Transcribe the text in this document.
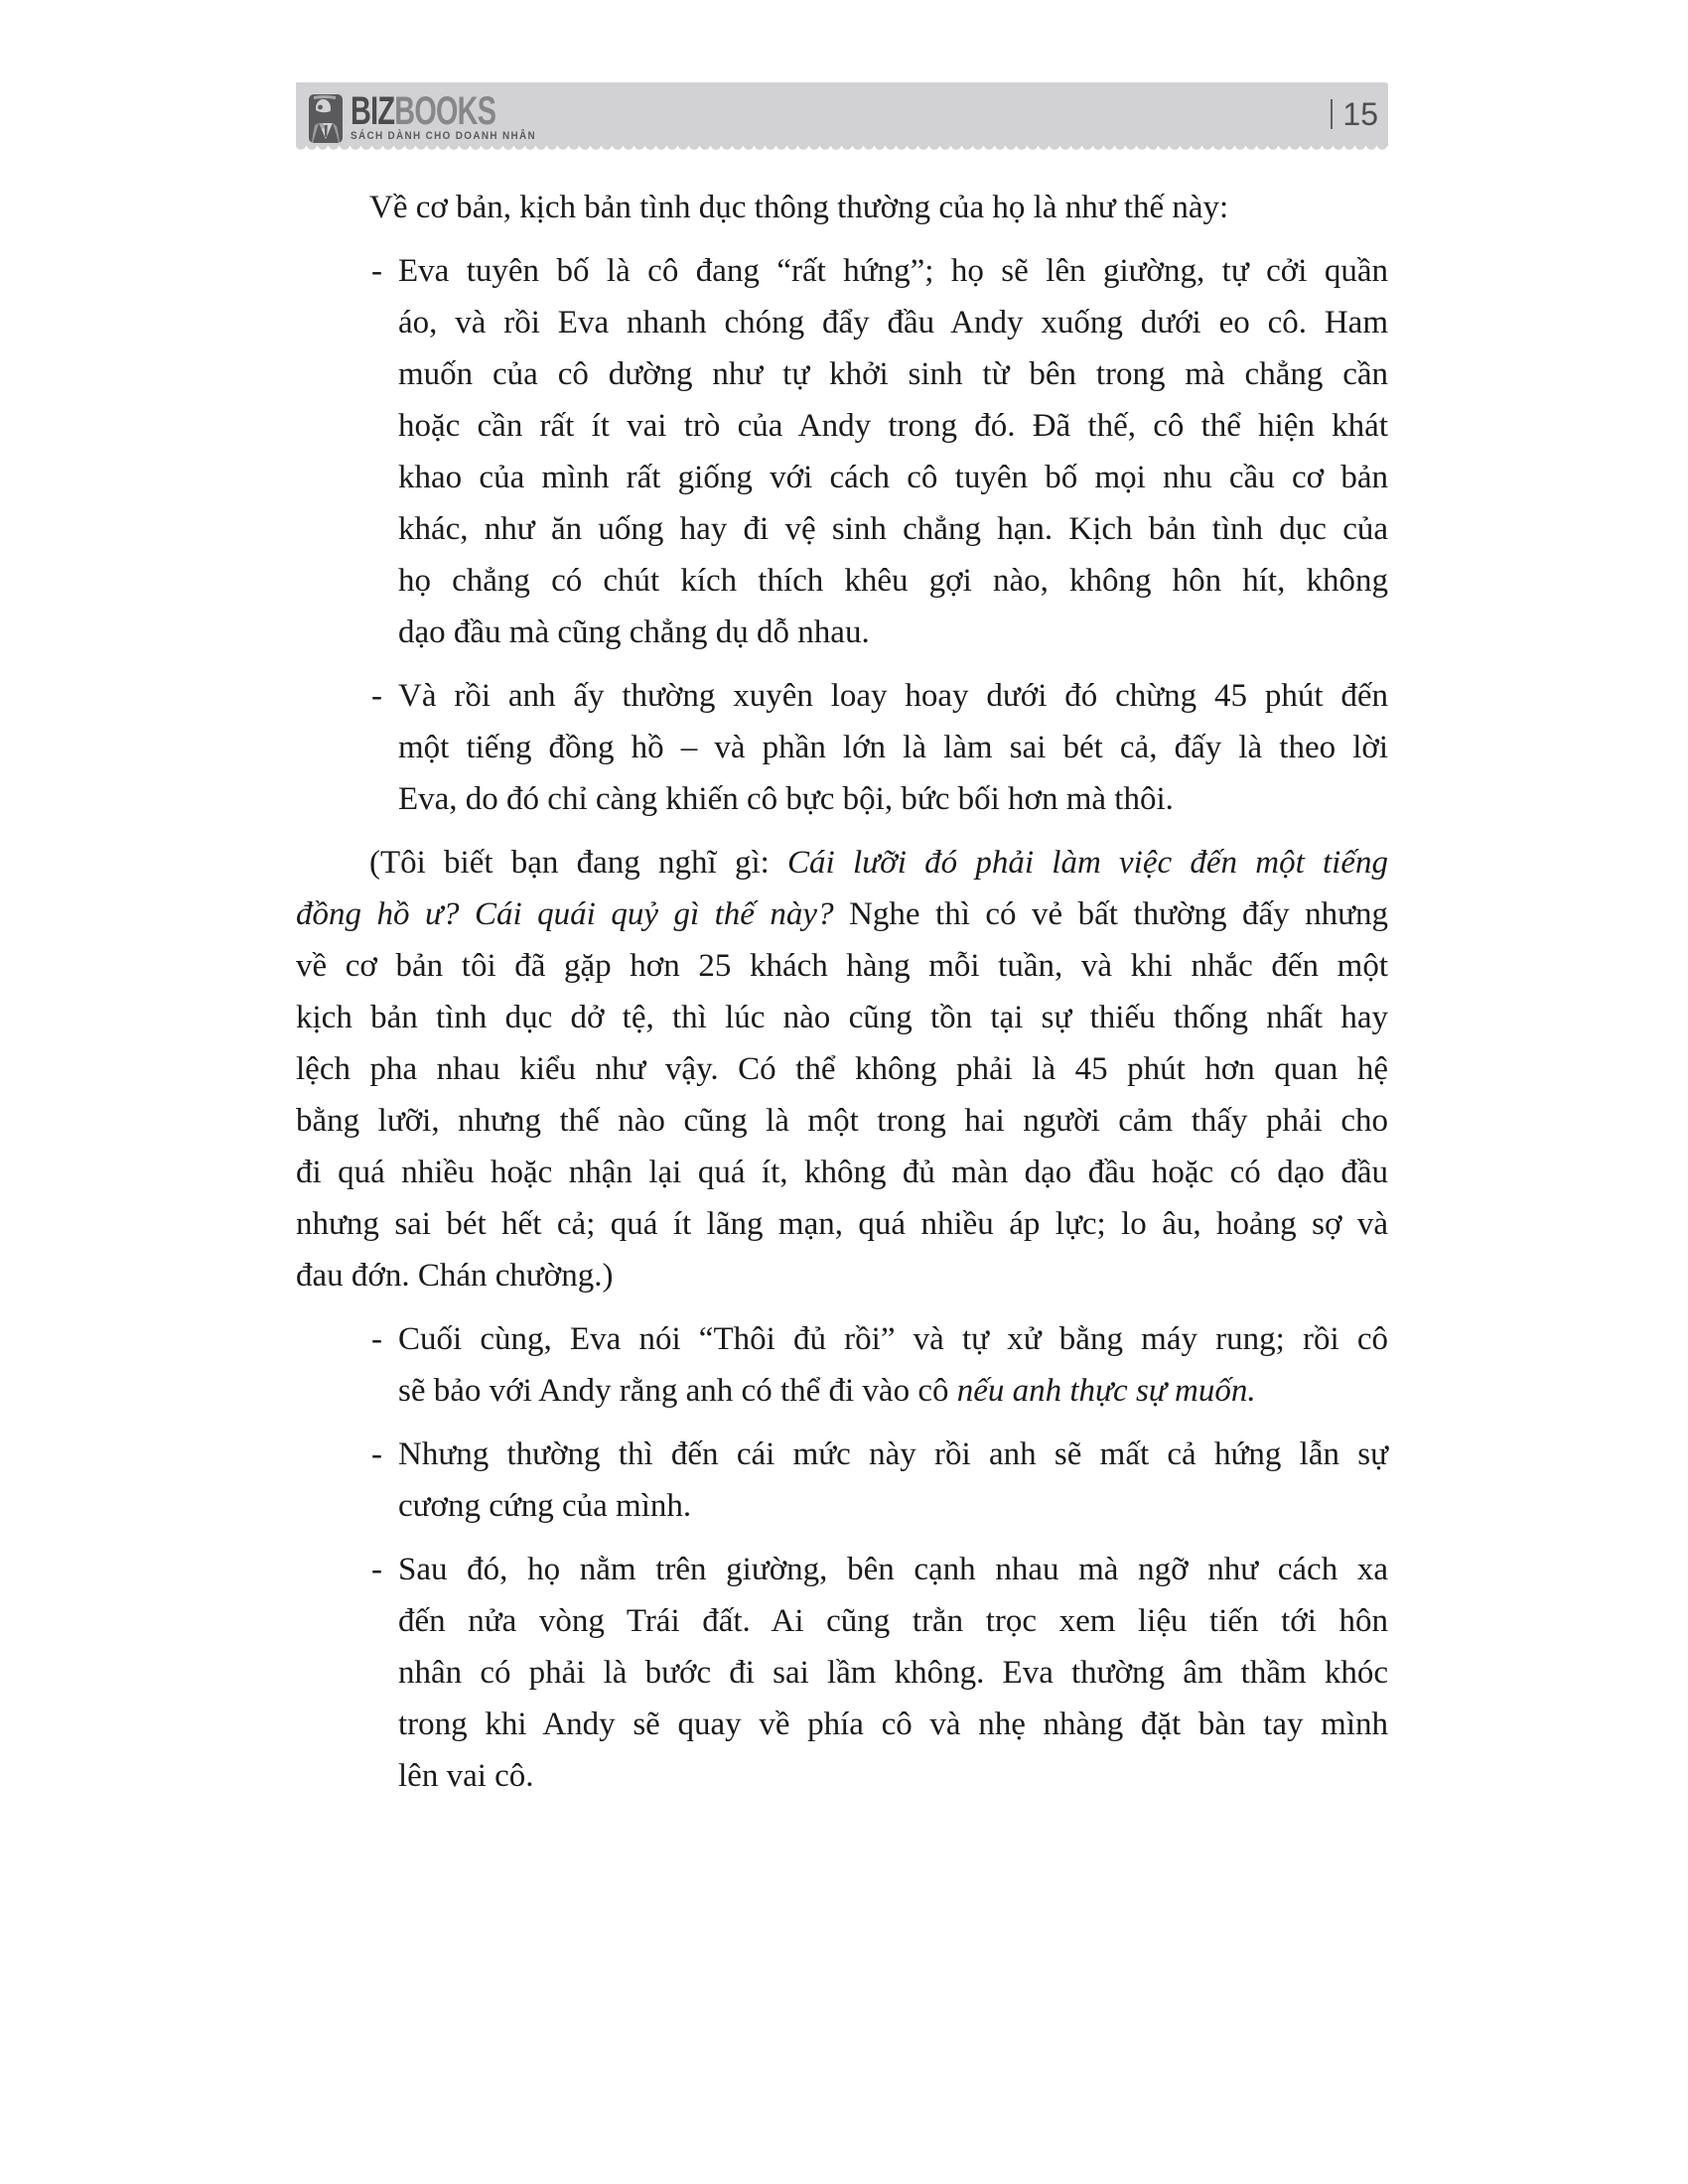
BIZBOOKS
SÁCH DÀNH CHO DOANH NHÂN
15
Về cơ bản, kịch bản tình dục thông thường của họ là như thế này:
- Eva tuyên bố là cô đang “rất hứng”; họ sẽ lên giường, tự cởi quần
áo, và rồi Eva nhanh chóng đẩy đầu Andy xuống dưới eo cô. Ham
muốn của cô dường như tự khởi sinh từ bên trong mà chẳng cần
hoặc cần rất ít vai trò của Andy trong đó. Đã thế, cô thể hiện khát
khao của mình rất giống với cách cô tuyên bố mọi nhu cầu cơ bản
khác, như ăn uống hay đi vệ sinh chẳng hạn. Kịch bản tình dục của
họ chẳng có chút kích thích khêu gợi nào, không hôn hít, không
dạo đầu mà cũng chẳng dụ dỗ nhau.
- Và rồi anh ấy thường xuyên loay hoay dưới đó chừng 45 phút đến
một tiếng đồng hồ – và phần lớn là làm sai bét cả, đấy là theo lời
Eva, do đó chỉ càng khiến cô bực bội, bức bối hơn mà thôi.
(Tôi biết bạn đang nghĩ gì: Cái lưỡi đó phải làm việc đến một tiếng
đồng hồ ư? Cái quái quỷ gì thế này? Nghe thì có vẻ bất thường đấy nhưng
về cơ bản tôi đã gặp hơn 25 khách hàng mỗi tuần, và khi nhắc đến một
kịch bản tình dục dở tệ, thì lúc nào cũng tồn tại sự thiếu thống nhất hay
lệch pha nhau kiểu như vậy. Có thể không phải là 45 phút hơn quan hệ
bằng lưỡi, nhưng thế nào cũng là một trong hai người cảm thấy phải cho
đi quá nhiều hoặc nhận lại quá ít, không đủ màn dạo đầu hoặc có dạo đầu
nhưng sai bét hết cả; quá ít lãng mạn, quá nhiều áp lực; lo âu, hoảng sợ và
đau đớn. Chán chường.)
- Cuối cùng, Eva nói “Thôi đủ rồi” và tự xử bằng máy rung; rồi cô
sẽ bảo với Andy rằng anh có thể đi vào cô nếu anh thực sự muốn.
- Nhưng thường thì đến cái mức này rồi anh sẽ mất cả hứng lẫn sự
cương cứng của mình.
- Sau đó, họ nằm trên giường, bên cạnh nhau mà ngỡ như cách xa
đến nửa vòng Trái đất. Ai cũng trằn trọc xem liệu tiến tới hôn
nhân có phải là bước đi sai lầm không. Eva thường âm thầm khóc
trong khi Andy sẽ quay về phía cô và nhẹ nhàng đặt bàn tay mình
lên vai cô.
